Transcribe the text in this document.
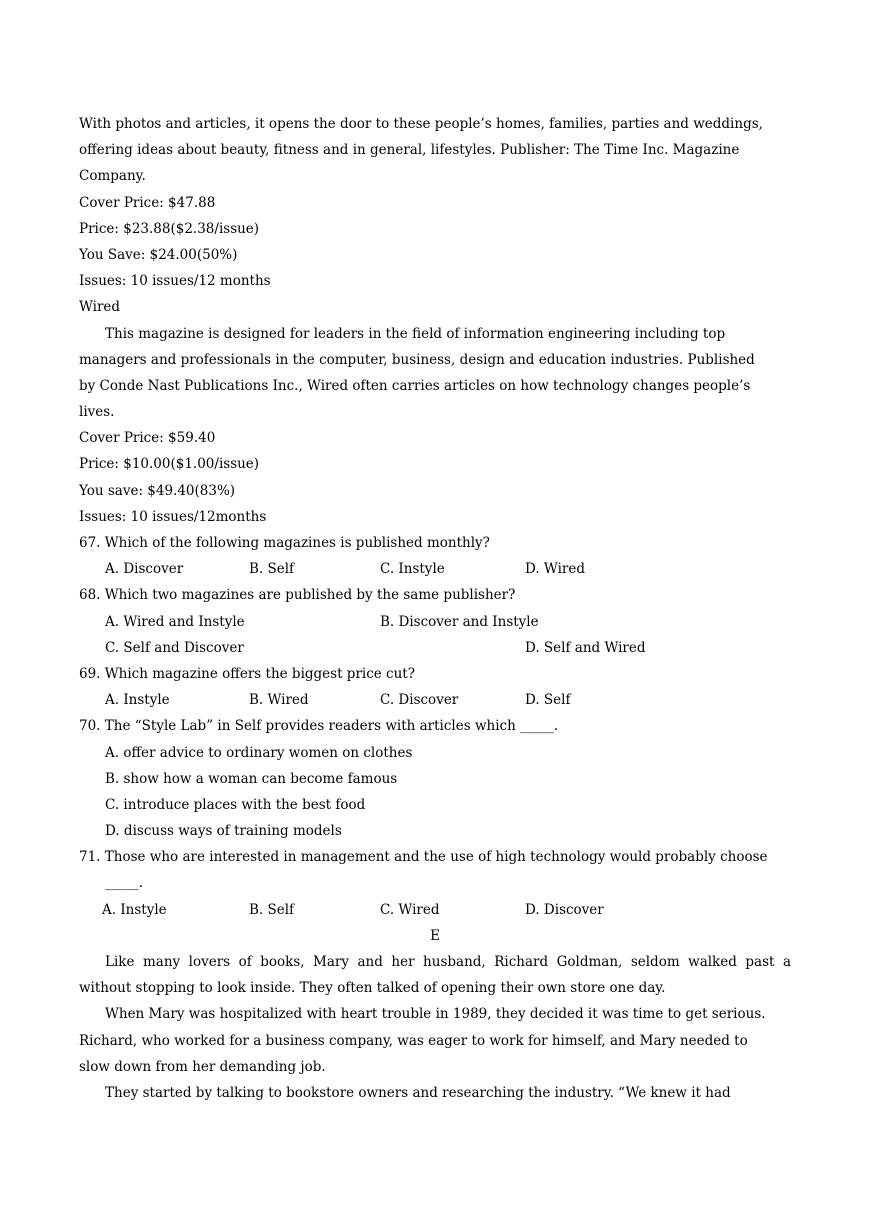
With photos and articles, it opens the door to these people’s homes, families, parties and weddings,
offering ideas about beauty, fitness and in general, lifestyles. Publisher: The Time Inc. Magazine
Company.
Cover Price: $47.88
Price: $23.88($2.38/issue)
You Save: $24.00(50%)
Issues: 10 issues/12 months
Wired
This magazine is designed for leaders in the field of information engineering including top
managers and professionals in the computer, business, design and education industries. Published
by Conde Nast Publications Inc., Wired often carries articles on how technology changes people’s
lives.
Cover Price: $59.40
Price: $10.00($1.00/issue)
You save: $49.40(83%)
Issues: 10 issues/12months
67. Which of the following magazines is published monthly?
A. Discover	B. Self	C. Instyle	D. Wired
68. Which two magazines are published by the same publisher?
A. Wired and Instyle	B. Discover and Instyle
C. Self and Discover	D. Self and Wired
69. Which magazine offers the biggest price cut?
A. Instyle	B. Wired	C. Discover	D. Self
70. The “Style Lab” in Self provides readers with articles which _____.
A. offer advice to ordinary women on clothes
B. show how a woman can become famous
C. introduce places with the best food
D. discuss ways of training models
71. Those who are interested in management and the use of high technology would probably choose
_____.
A. Instyle	B. Self	C. Wired	D. Discover
E
Like many lovers of books, Mary and her husband, Richard Goldman, seldom walked past a
without stopping to look inside. They often talked of opening their own store one day.
When Mary was hospitalized with heart trouble in 1989, they decided it was time to get serious.
Richard, who worked for a business company, was eager to work for himself, and Mary needed to
slow down from her demanding job.
They started by talking to bookstore owners and researching the industry. “We knew it had
